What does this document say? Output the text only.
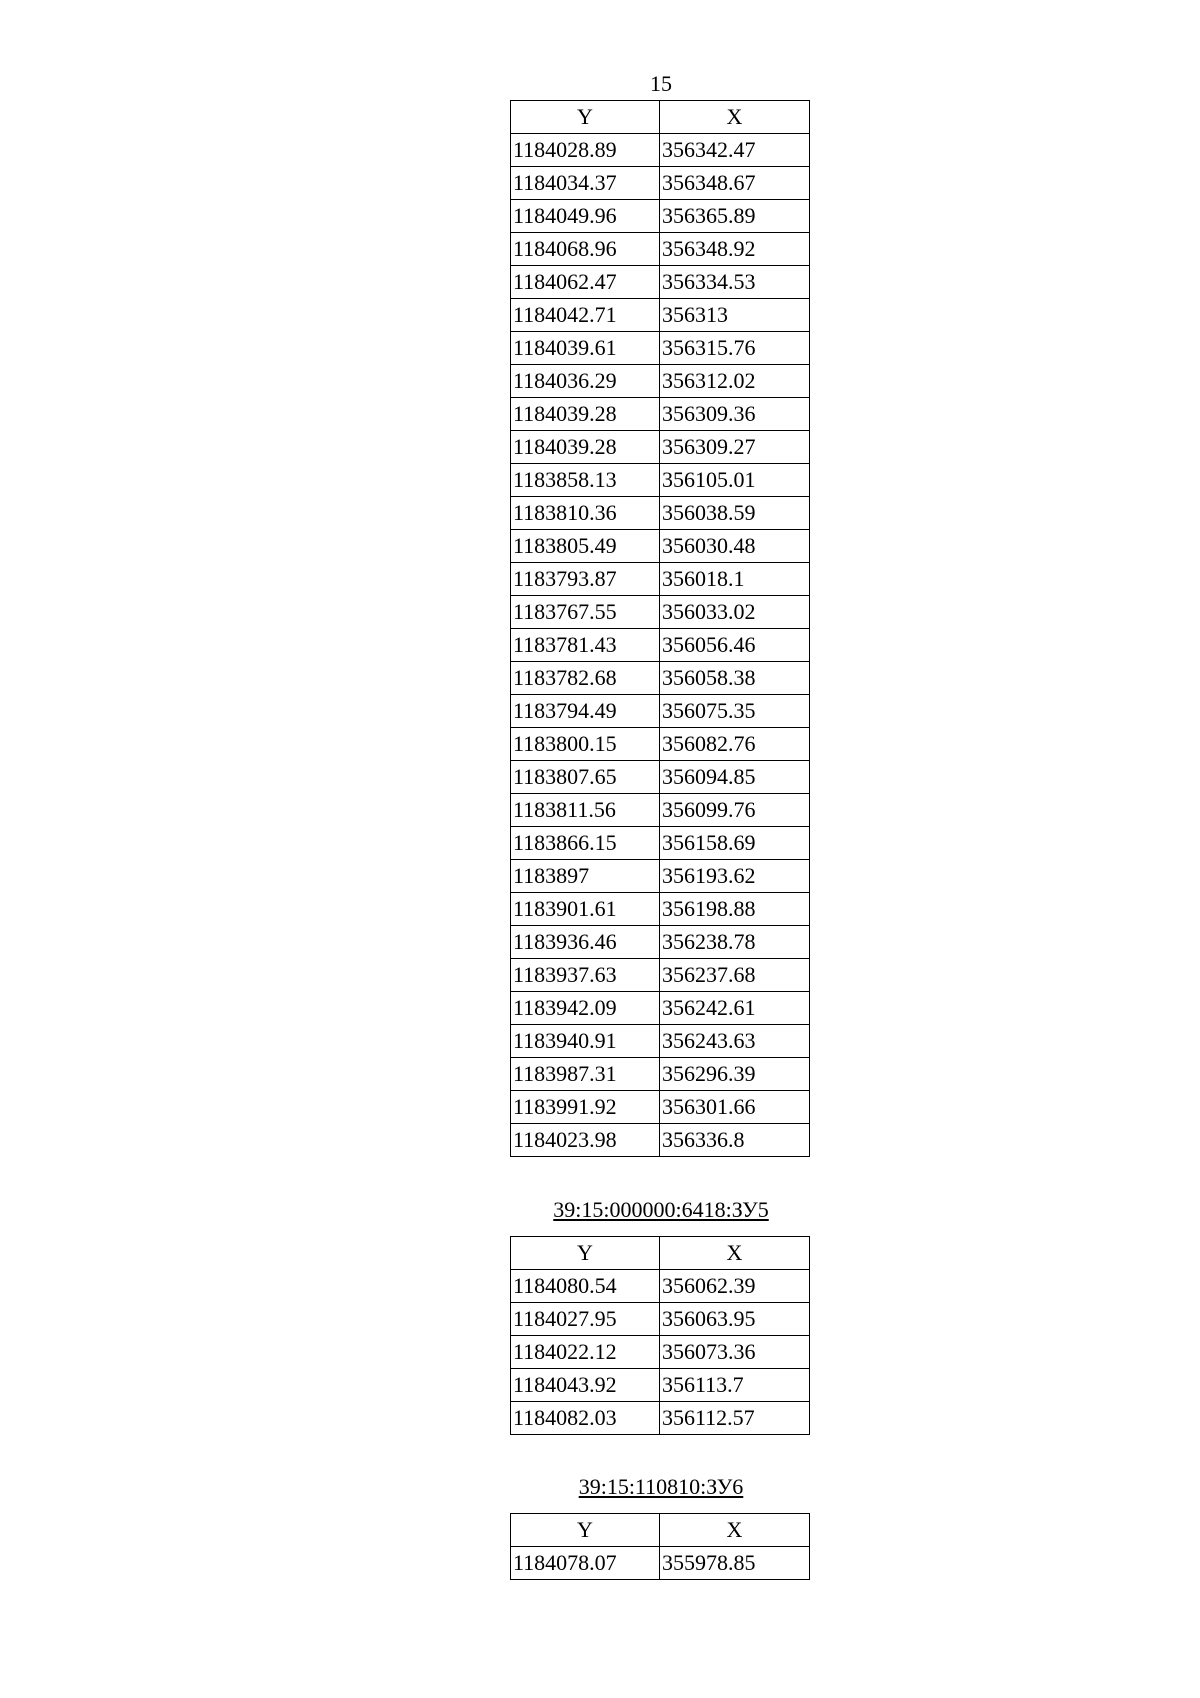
15
Y	X
1184028.89	356342.47
1184034.37	356348.67
1184049.96	356365.89
1184068.96	356348.92
1184062.47	356334.53
1184042.71	356313
1184039.61	356315.76
1184036.29	356312.02
1184039.28	356309.36
1184039.28	356309.27
1183858.13	356105.01
1183810.36	356038.59
1183805.49	356030.48
1183793.87	356018.1
1183767.55	356033.02
1183781.43	356056.46
1183782.68	356058.38
1183794.49	356075.35
1183800.15	356082.76
1183807.65	356094.85
1183811.56	356099.76
1183866.15	356158.69
1183897	356193.62
1183901.61	356198.88
1183936.46	356238.78
1183937.63	356237.68
1183942.09	356242.61
1183940.91	356243.63
1183987.31	356296.39
1183991.92	356301.66
1184023.98	356336.8
39:15:000000:6418:ЗУ5
Y	X
1184080.54	356062.39
1184027.95	356063.95
1184022.12	356073.36
1184043.92	356113.7
1184082.03	356112.57
39:15:110810:ЗУ6
Y	X
1184078.07	355978.85
